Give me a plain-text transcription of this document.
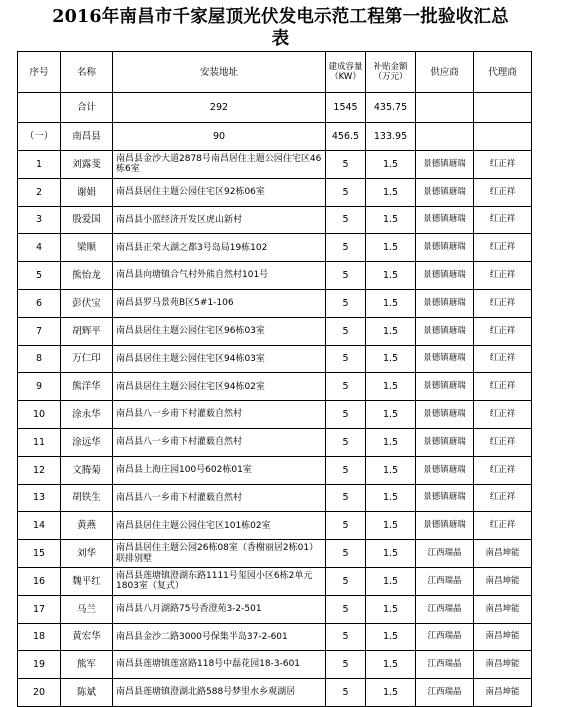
2016年南昌市千家屋顶光伏发电示范工程第一批验收汇总
表
序号	名称	安装地址	建成容量（KW）	补贴金额（万元）	供应商	代理商
	合计	292	1545	435.75		
（一）	南昌县	90	456.5	133.95		
1	刘露斐	南昌县金沙大道2878号南昌居住主题公园住宅区46栋6室	5	1.5	景德镇瑭瑞	红正祥
2	谢娟	南昌县居住主题公园住宅区92栋06室	5	1.5	景德镇瑭瑞	红正祥
3	殷爱国	南昌县小蓝经济开发区虎山新村	5	1.5	景德镇瑭瑞	红正祥
4	梁顺	南昌县正荣大湖之都3号岛局19栋102	5	1.5	景德镇瑭瑞	红正祥
5	熊怡龙	南昌县向塘镇合气村外熊自然村101号	5	1.5	景德镇瑭瑞	红正祥
6	彭伏宝	南昌县罗马景苑B区5#1-106	5	1.5	景德镇瑭瑞	红正祥
7	胡辉平	南昌县居住主题公园住宅区96栋03室	5	1.5	景德镇瑭瑞	红正祥
8	万仁印	南昌县居住主题公园住宅区94栋03室	5	1.5	景德镇瑭瑞	红正祥
9	熊洋华	南昌县居住主题公园住宅区94栋02室	5	1.5	景德镇瑭瑞	红正祥
10	涂永华	南昌县八一乡甫下村灌薮自然村	5	1.5	景德镇瑭瑞	红正祥
11	涂远华	南昌县八一乡甫下村灌薮自然村	5	1.5	景德镇瑭瑞	红正祥
12	文腾菊	南昌县上海庄园100号602栋01室	5	1.5	景德镇瑭瑞	红正祥
13	胡铁生	南昌县八一乡甫下村灌薮自然村	5	1.5	景德镇瑭瑞	红正祥
14	黄燕	南昌县居住主题公园住宅区101栋02室	5	1.5	景德镇瑭瑞	红正祥
15	刘华	南昌县居住主题公园26栋08室（香榭丽居2栋01）联排别墅	5	1.5	江西瑞晶	南昌坤能
16	魏平红	南昌县莲塘镇澄湖东路1111号玺园小区6栋2单元1803室（复式）	5	1.5	江西瑞晶	南昌坤能
17	马兰	南昌县八月湖路75号香澄苑3-2-501	5	1.5	江西瑞晶	南昌坤能
18	黄宏华	南昌县金沙二路3000号保集半岛37-2-601	5	1.5	江西瑞晶	南昌坤能
19	熊军	南昌县莲塘镇莲富路118号中磊花园18-3-601	5	1.5	江西瑞晶	南昌坤能
20	陈斌	南昌县莲塘镇澄湖北路588号梦里水乡观湖居	5	1.5	江西瑞晶	南昌坤能
